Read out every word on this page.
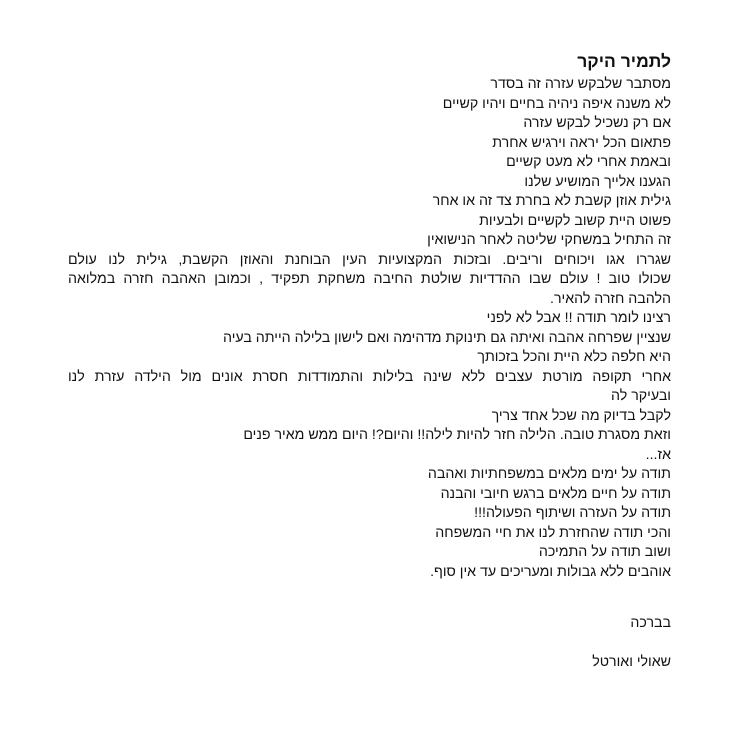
לתמיר היקר
מסתבר שלבקש עזרה זה בסדר
לא משנה איפה ניהיה בחיים ויהיו קשיים
אם רק נשכיל לבקש עזרה
פתאום הכל יראה וירגיש אחרת
ובאמת אחרי לא מעט קשיים
הגענו אלייך המושיע שלנו
גילית אוזן קשבת לא בחרת צד זה או אחר
פשוט היית קשוב לקשיים ולבעיות
זה התחיל במשחקי שליטה לאחר הנישואין
שגררו אגו ויכוחים וריבים. ובזכות המקצועיות העין הבוחנת והאוזן הקשבת, גילית לנו עולם
שכולו טוב ! עולם שבו ההדדיות שולטת החיבה משחקת תפקיד , וכמובן האהבה חזרה במלואה
הלהבה חזרה להאיר.
רצינו לומר תודה !! אבל לא לפני
שנציין שפרחה אהבה ואיתה גם תינוקת מדהימה ואם לישון בלילה הייתה בעיה
היא חלפה כלא היית והכל בזכותך
אחרי תקופה מורטת עצבים ללא שינה בלילות והתמודדות חסרת אונים מול הילדה עזרת לנו
ובעיקר לה
לקבל בדיוק מה שכל אחד צריך
וזאת מסגרת טובה. הלילה חזר להיות לילה!! והיום?! היום ממש מאיר פנים
אז...
תודה על ימים מלאים במשפחתיות ואהבה
תודה על חיים מלאים ברגש חיובי והבנה
תודה על העזרה ושיתוף הפעולה!!!
והכי תודה שהחזרת לנו את חיי המשפחה
ושוב תודה על התמיכה
אוהבים ללא גבולות ומעריכים עד אין סוף.
בברכה
שאולי ואורטל
